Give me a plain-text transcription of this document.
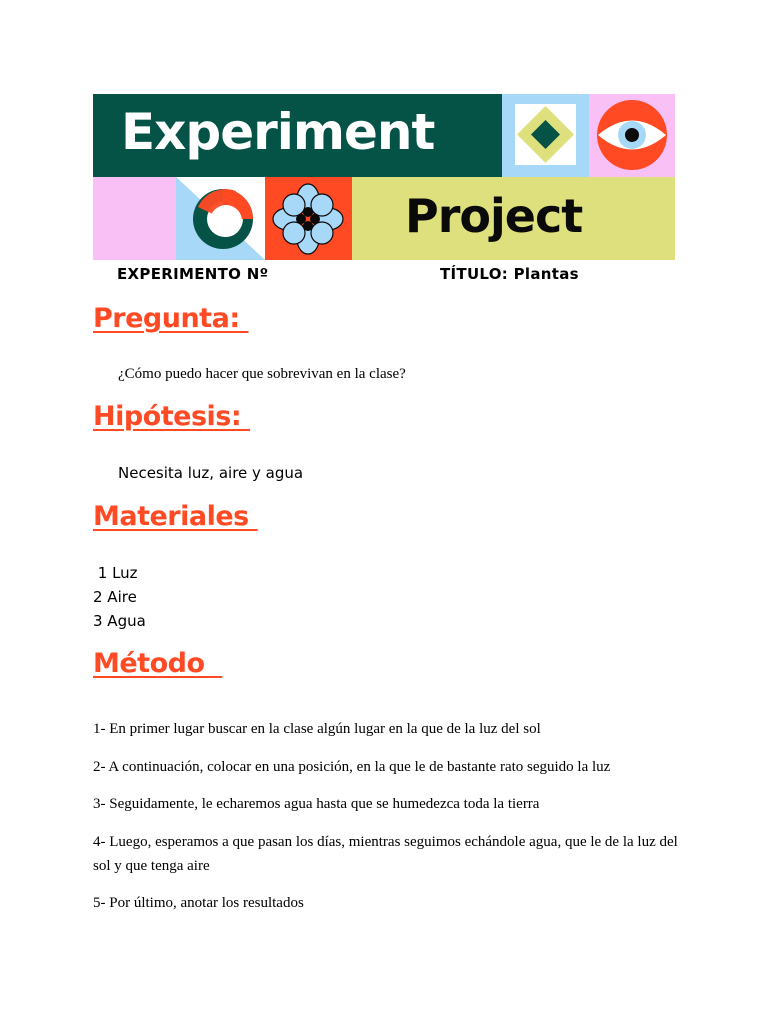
Experiment
Project
EXPERIMENTO Nº	TÍTULO: Plantas
Pregunta:

¿Cómo puedo hacer que sobrevivan en la clase?

Hipótesis:

Necesita luz, aire y agua

Materiales

1 Luz

2 Aire

3 Agua

Método

1- En primer lugar buscar en la clase algún lugar en la que de la luz del sol

2- A continuación, colocar en una posición, en la que le de bastante rato seguido la luz

3- Seguidamente, le echaremos agua hasta que se humedezca toda la tierra

4- Luego, esperamos a que pasan los días, mientras seguimos echándole agua, que le de la luz del sol y que tenga aire

5- Por último, anotar los resultados
